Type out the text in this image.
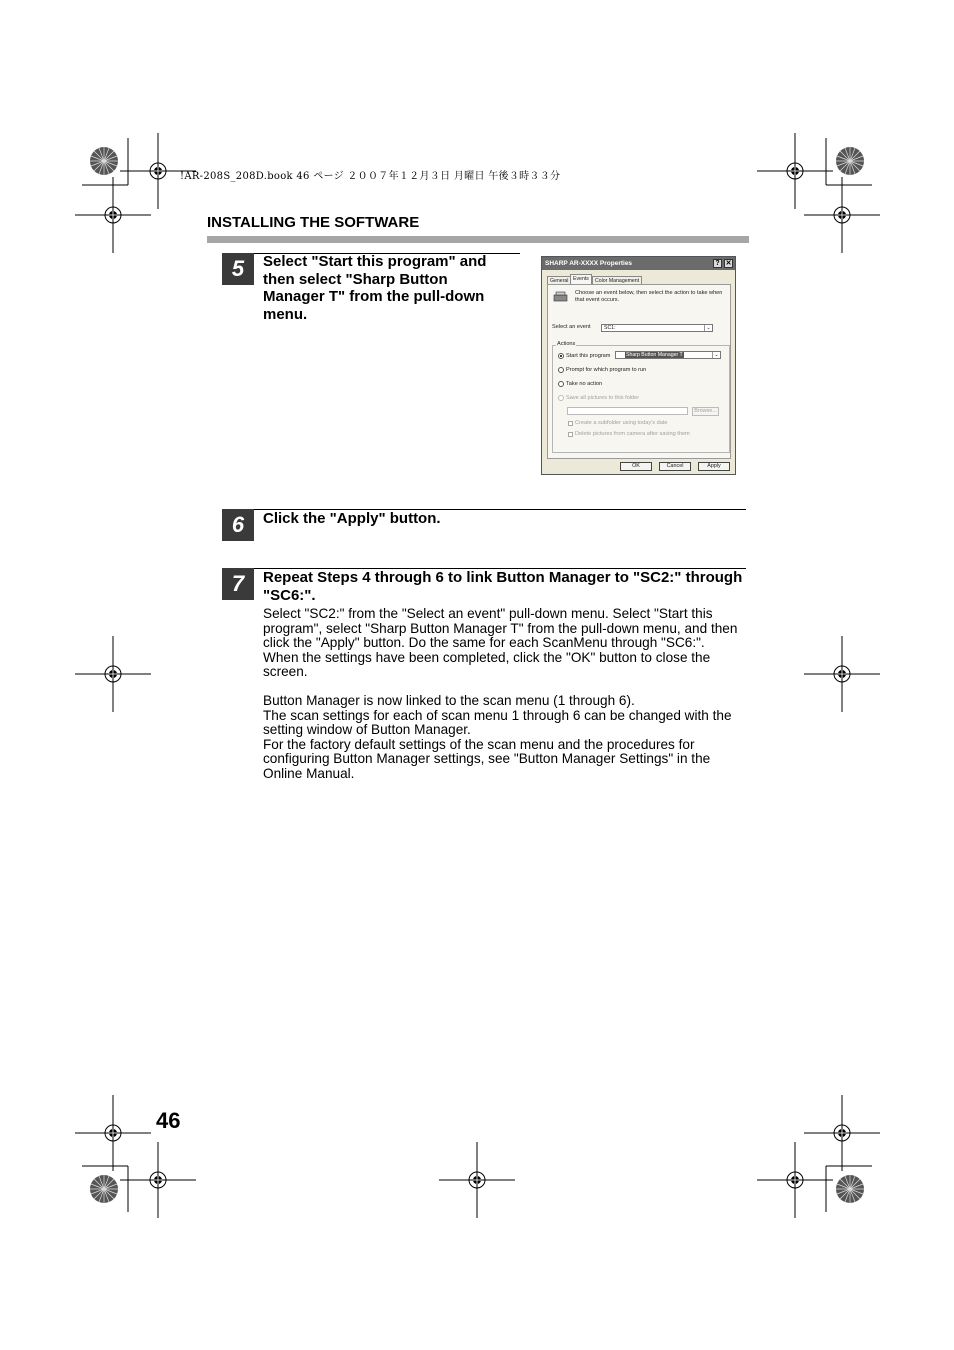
!AR-208S_208D.book 46 ページ ２００７年１２月３日 月曜日 午後３時３３分
INSTALLING THE SOFTWARE
5	Select "Start this program" and then select "Sharp Button Manager T" from the pull-down menu.
SHARP AR-XXXX Properties	? ✕
General Events	Color Management
Choose an event below, then select the action to take when that event occurs.
Select an event	SC1:	⌄
Actions
Start this program	Sharp Button Manager T	⌄
Prompt for which program to run
Take no action
Save all pictures to this folder
Browse...
Create a subfolder using today's date
Delete pictures from camera after saving them
OK	Cancel	Apply
6	Click the "Apply" button.
7	Repeat Steps 4 through 6 to link Button Manager to "SC2:" through "SC6:".

Select "SC2:" from the "Select an event" pull-down menu. Select "Start this program", select "Sharp Button Manager T" from the pull-down menu, and then click the "Apply" button. Do the same for each ScanMenu through "SC6:".

When the settings have been completed, click the "OK" button to close the screen.

Button Manager is now linked to the scan menu (1 through 6).

The scan settings for each of scan menu 1 through 6 can be changed with the setting window of Button Manager.

For the factory default settings of the scan menu and the procedures for configuring Button Manager settings, see "Button Manager Settings" in the Online Manual.

46
